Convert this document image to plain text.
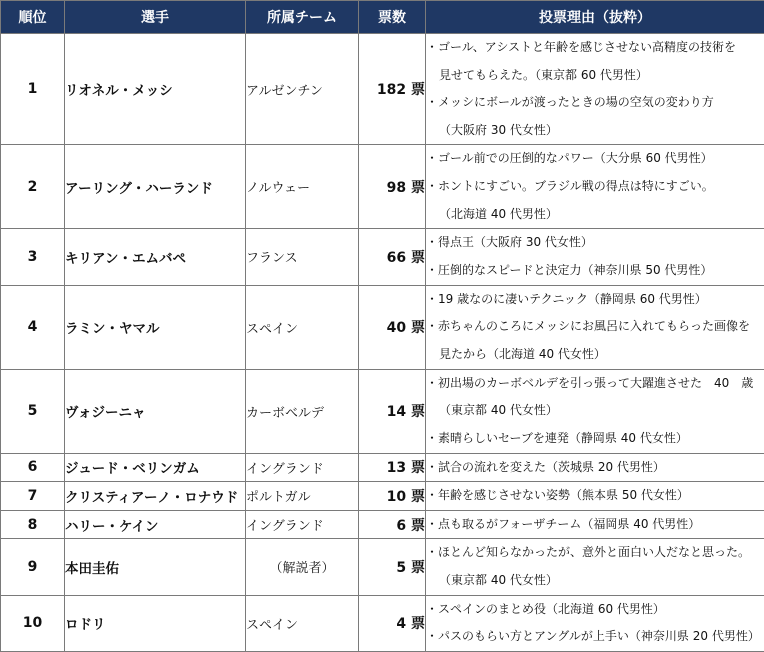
順位	選手	所属チーム	票数	投票理由（抜粋）
1	リオネル・メッシ	アルゼンチン	182 票	・ゴール、アシストと年齢を感じさせない高精度の技術を
見せてもらえた。（東京都 60 代男性）
・メッシにボールが渡ったときの場の空気の変わり方
（大阪府 30 代女性）

2	アーリング・ハーランド	ノルウェー	98 票	・ゴール前での圧倒的なパワー（大分県 60 代男性）
・ホントにすごい。ブラジル戦の得点は特にすごい。
（北海道 40 代男性）

3	キリアン・エムバペ	フランス	66 票	・得点王（大阪府 30 代女性）
・圧倒的なスピードと決定力（神奈川県 50 代男性）

4	ラミン・ヤマル	スペイン	40 票	・19 歳なのに凄いテクニック（静岡県 60 代男性）
・赤ちゃんのころにメッシにお風呂に入れてもらった画像を
見たから（北海道 40 代女性）

5	ヴォジーニャ	カーボベルデ	14 票	・初出場のカーボベルデを引っ張って大躍進させた　40　歳
（東京都 40 代女性）
・素晴らしいセーブを連発（静岡県 40 代女性）

6	ジュード・ベリンガム	イングランド	13 票	・試合の流れを変えた（茨城県 20 代男性）

7	クリスティアーノ・ロナウド	ポルトガル	10 票	・年齢を感じさせない姿勢（熊本県 50 代女性）

8	ハリー・ケイン	イングランド	6 票	・点も取るがフォーザチーム（福岡県 40 代男性）

9	本田圭佑	（解説者）	5 票	・ほとんど知らなかったが、意外と面白い人だなと思った。
（東京都 40 代女性）

10	ロドリ	スペイン	4 票	・スペインのまとめ役（北海道 60 代男性）
・パスのもらい方とアングルが上手い（神奈川県 20 代男性）
